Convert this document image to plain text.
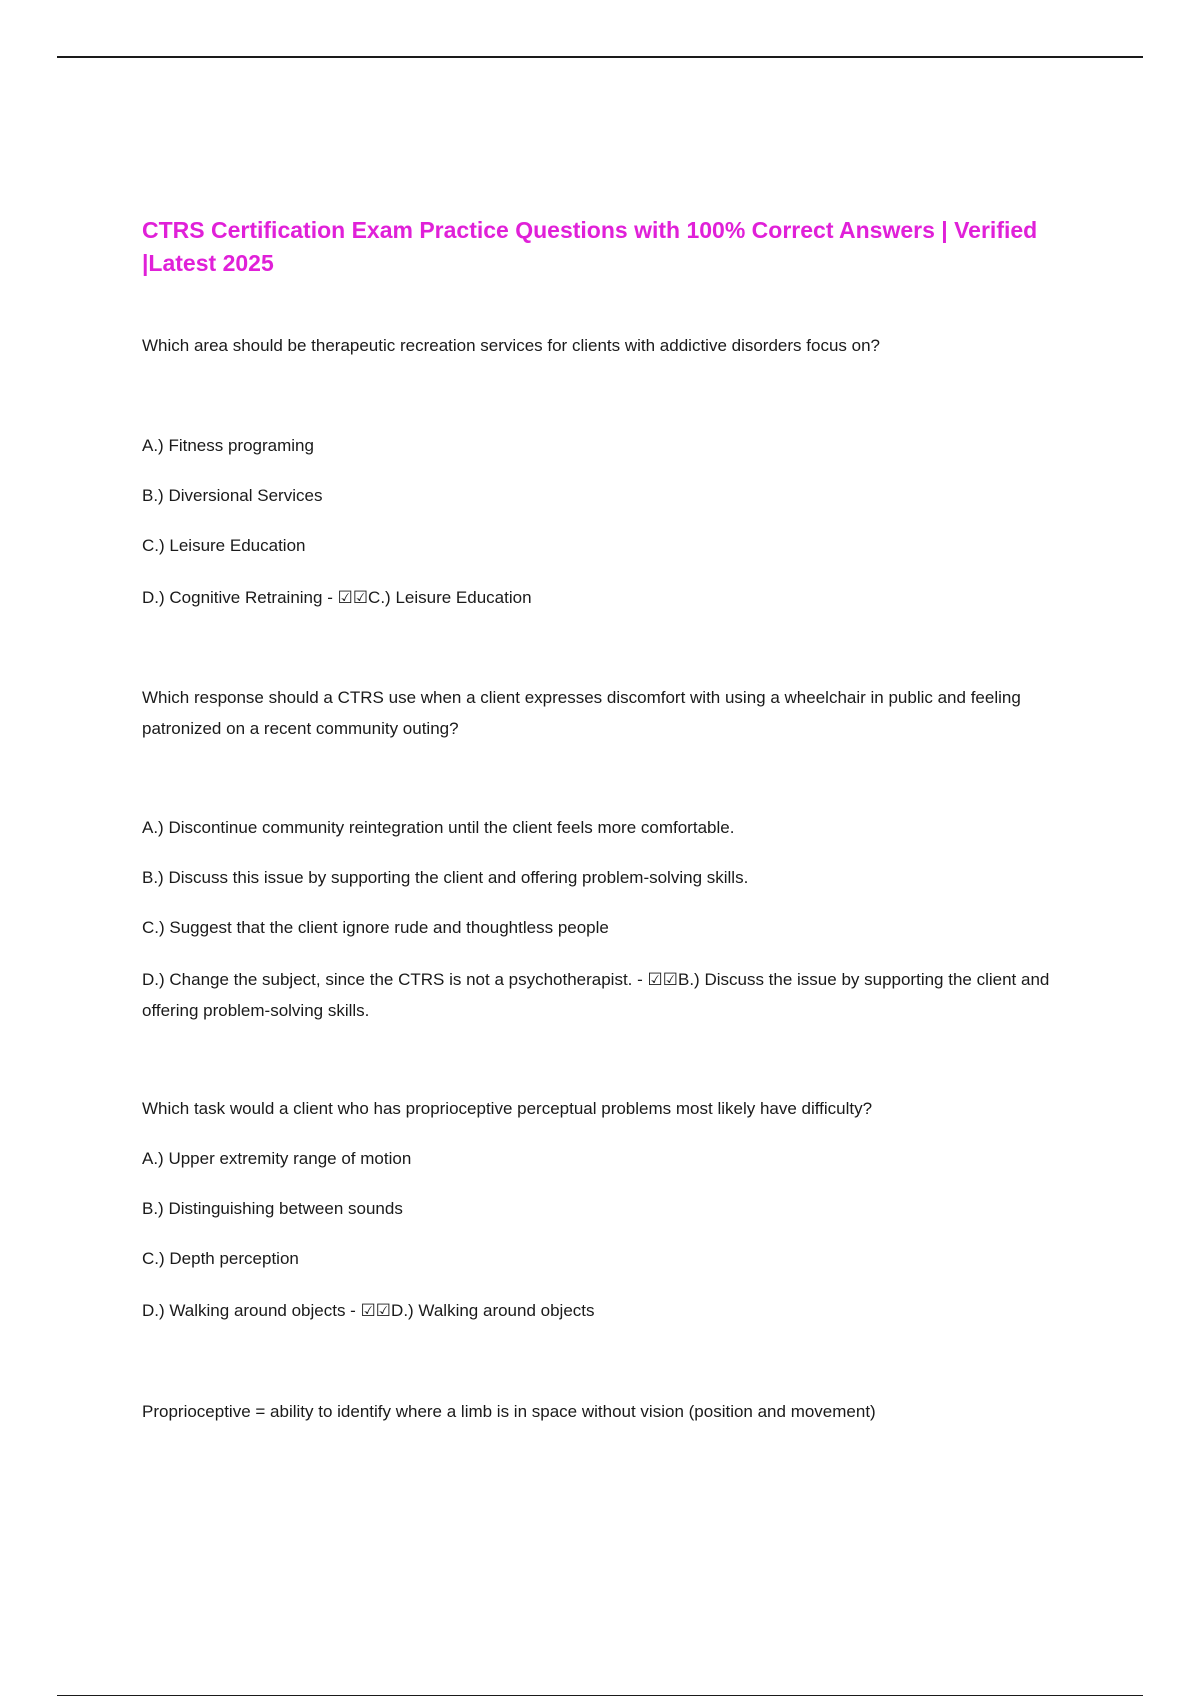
CTRS Certification Exam Practice Questions with 100% Correct Answers | Verified |Latest 2025

Which area should be therapeutic recreation services for clients with addictive disorders focus on?

A.) Fitness programing

B.) Diversional Services

C.) Leisure Education

D.) Cognitive Retraining - ☑☑C.) Leisure Education

Which response should a CTRS use when a client expresses discomfort with using a wheelchair in public and feeling patronized on a recent community outing?

A.) Discontinue community reintegration until the client feels more comfortable.

B.) Discuss this issue by supporting the client and offering problem-solving skills.

C.) Suggest that the client ignore rude and thoughtless people

D.) Change the subject, since the CTRS is not a psychotherapist. - ☑☑B.) Discuss the issue by supporting the client and offering problem-solving skills.

Which task would a client who has proprioceptive perceptual problems most likely have difficulty?

A.) Upper extremity range of motion

B.) Distinguishing between sounds

C.) Depth perception

D.) Walking around objects - ☑☑D.) Walking around objects

Proprioceptive = ability to identify where a limb is in space without vision (position and movement)
